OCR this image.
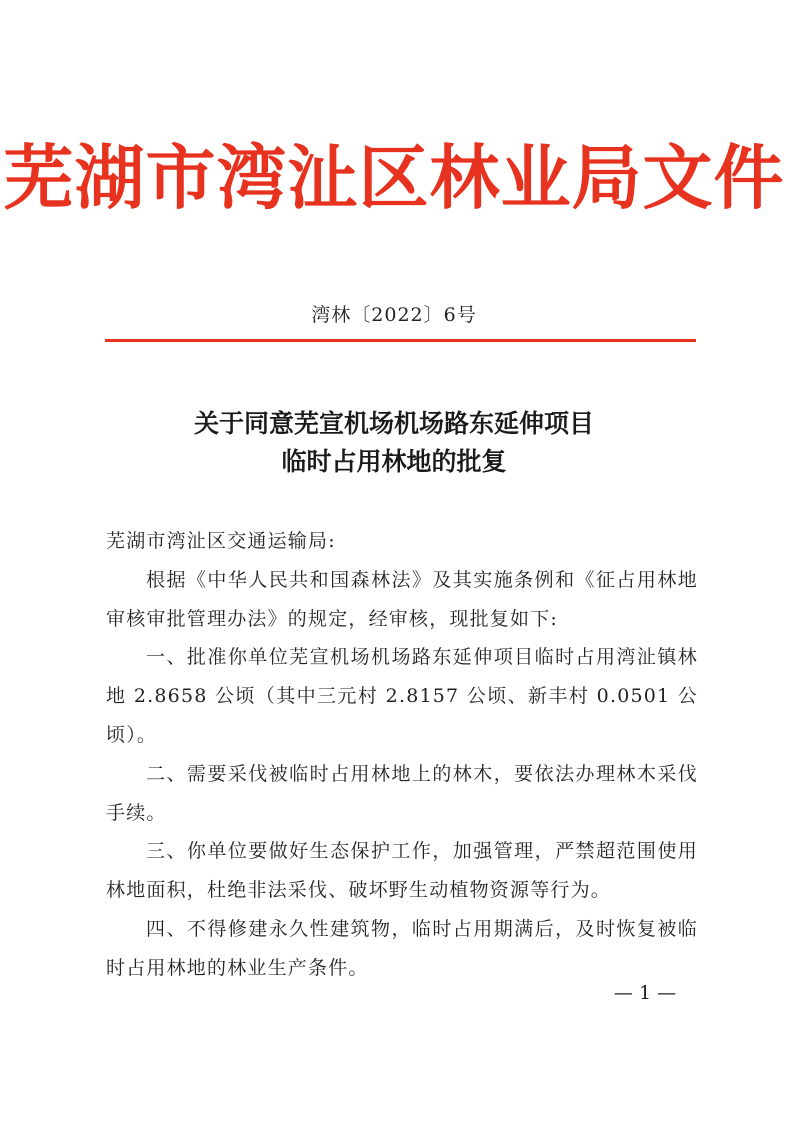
芜湖市湾沚区林业局文件
湾林〔2022〕6号
关于同意芜宣机场机场路东延伸项目
临时占用林地的批复

芜湖市湾沚区交通运输局:

根据《中华人民共和国森林法》及其实施条例和《征占用林地审核审批管理办法》的规定，经审核，现批复如下:

一、批准你单位芜宣机场机场路东延伸项目临时占用湾沚镇林地 2.8658 公顷（其中三元村 2.8157 公顷、新丰村 0.0501 公顷）。

二、需要采伐被临时占用林地上的林木，要依法办理林木采伐手续。

三、你单位要做好生态保护工作，加强管理，严禁超范围使用林地面积，杜绝非法采伐、破坏野生动植物资源等行为。

四、不得修建永久性建筑物，临时占用期满后，及时恢复被临时占用林地的林业生产条件。

— 1 —
